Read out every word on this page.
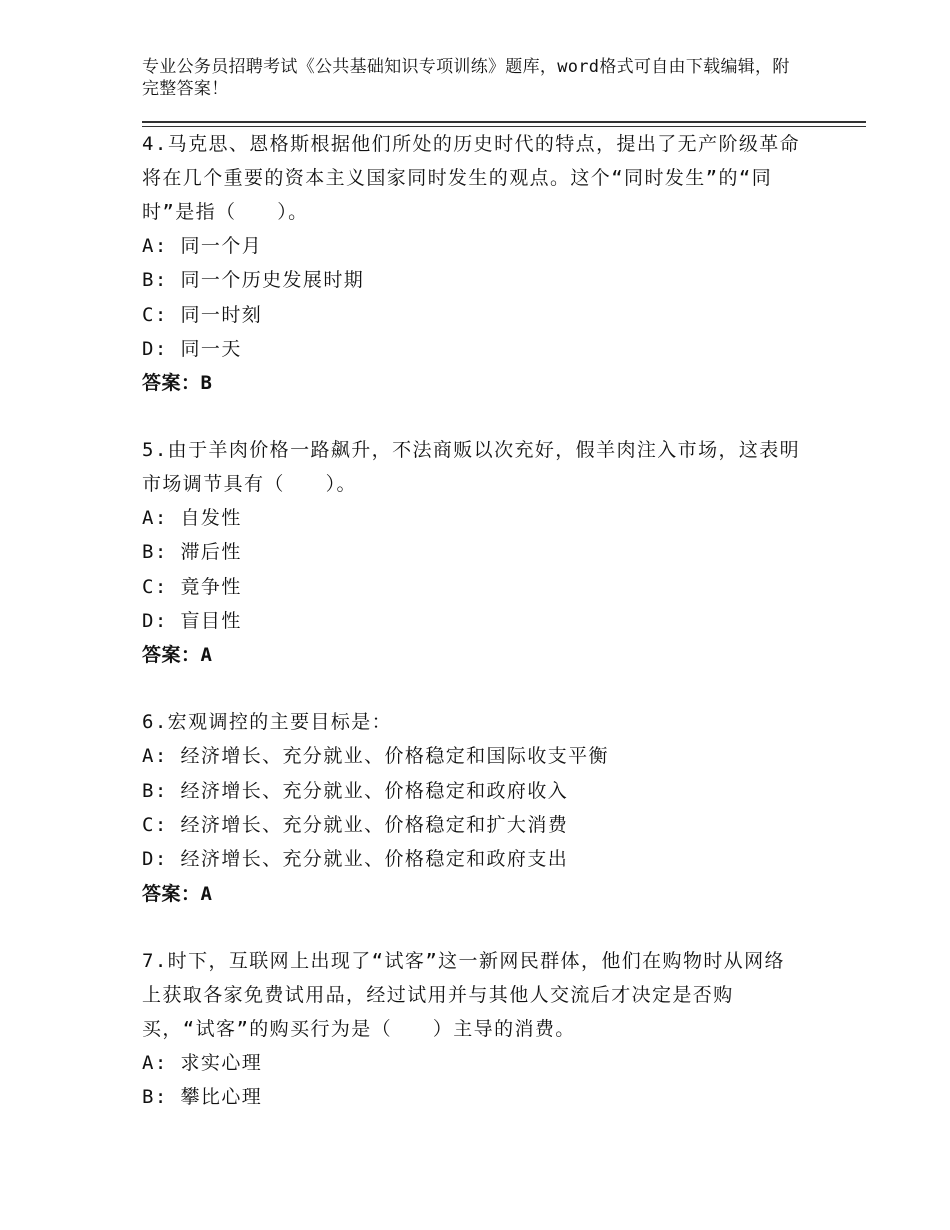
专业公务员招聘考试《公共基础知识专项训练》题库，word格式可自由下载编辑，附完整答案！
4.马克思、恩格斯根据他们所处的历史时代的特点，提出了无产阶级革命将在几个重要的资本主义国家同时发生的观点。这个“同时发生”的“同时”是指（　　）。
A: 同一个月
B: 同一个历史发展时期
C: 同一时刻
D: 同一天
答案：B
5.由于羊肉价格一路飙升，不法商贩以次充好，假羊肉注入市场，这表明市场调节具有（　　）。
A: 自发性
B: 滞后性
C: 竟争性
D: 盲目性
答案：A
6.宏观调控的主要目标是：
A: 经济增长、充分就业、价格稳定和国际收支平衡
B: 经济增长、充分就业、价格稳定和政府收入
C: 经济增长、充分就业、价格稳定和扩大消费
D: 经济增长、充分就业、价格稳定和政府支出
答案：A
7.时下，互联网上出现了“试客”这一新网民群体，他们在购物时从网络上获取各家免费试用品，经过试用并与其他人交流后才决定是否购买，“试客”的购买行为是（　　）主导的消费。
A: 求实心理
B: 攀比心理
